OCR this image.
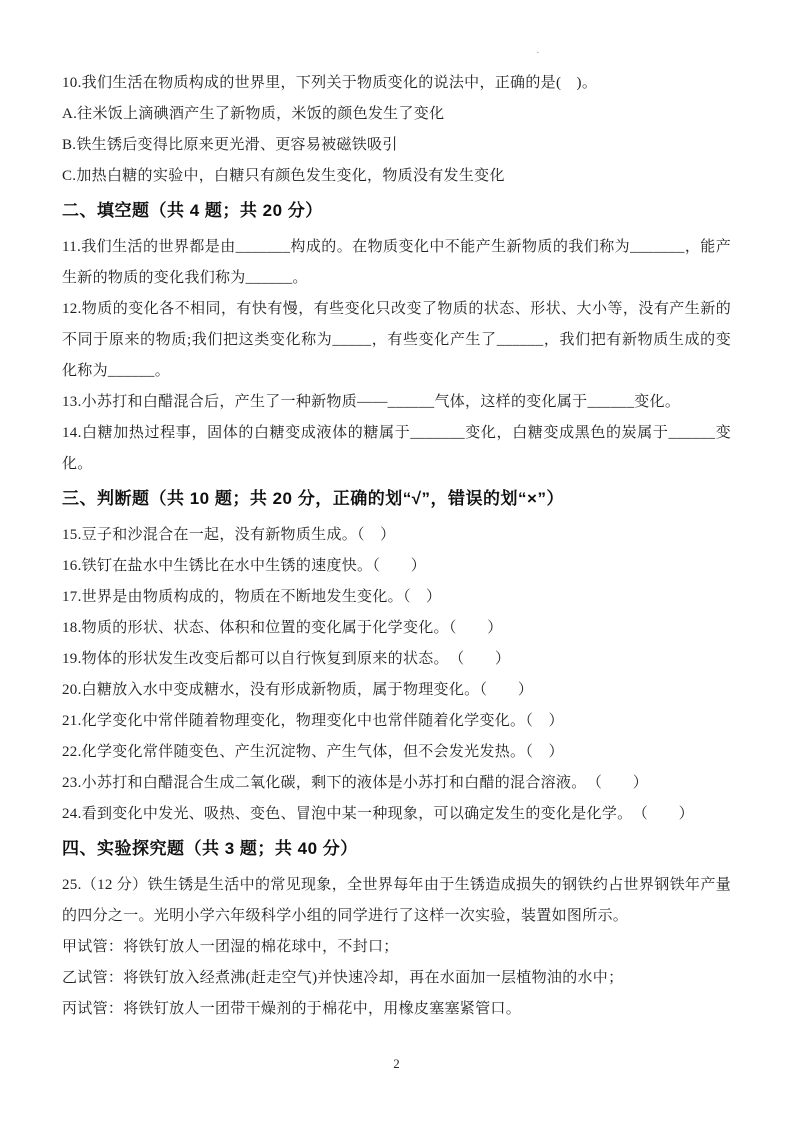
·

10.我们生活在物质构成的世界里，下列关于物质变化的说法中，正确的是(　)。

A.往米饭上滴碘酒产生了新物质，米饭的颜色发生了变化

B.铁生锈后变得比原来更光滑、更容易被磁铁吸引

C.加热白糖的实验中，白糖只有颜色发生变化，物质没有发生变化

二、填空题（共 4 题；共 20 分）

11.我们生活的世界都是由_______构成的。在物质变化中不能产生新物质的我们称为_______，能产生新的物质的变化我们称为______。

12.物质的变化各不相同，有快有慢，有些变化只改变了物质的状态、形状、大小等，没有产生新的不同于原来的物质;我们把这类变化称为_____，有些变化产生了______，我们把有新物质生成的变化称为______。

13.小苏打和白醋混合后，产生了一种新物质——______气体，这样的变化属于______变化。

14.白糖加热过程事，固体的白糖变成液体的糖属于_______变化，白糖变成黑色的炭属于______变化。

三、判断题（共 10 题；共 20 分，正确的划“√”，错误的划“×”）

15.豆子和沙混合在一起，没有新物质生成。（　）

16.铁钉在盐水中生锈比在水中生锈的速度快。（　　）

17.世界是由物质构成的，物质在不断地发生变化。（　）

18.物质的形状、状态、体积和位置的变化属于化学变化。（　　）

19.物体的形状发生改变后都可以自行恢复到原来的状态。　（　　）

20.白糖放入水中变成糖水，没有形成新物质，属于物理变化。（　　）

21.化学变化中常伴随着物理变化，物理变化中也常伴随着化学变化。（　）

22.化学变化常伴随变色、产生沉淀物、产生气体，但不会发光发热。（　）

23.小苏打和白醋混合生成二氧化碳，剩下的液体是小苏打和白醋的混合溶液。　（　　）

24.看到变化中发光、吸热、变色、冒泡中某一种现象，可以确定发生的变化是化学。　（　　）

四、实验探究题（共 3 题；共 40 分）

25.（12 分）铁生锈是生活中的常见现象，全世界每年由于生锈造成损失的钢铁约占世界钢铁年产量的四分之一。光明小学六年级科学小组的同学进行了这样一次实验，装置如图所示。

甲试管：将铁钉放人一团湿的棉花球中，不封口；

乙试管：将铁钉放入经煮沸(赶走空气)并快速冷却，再在水面加一层植物油的水中；

丙试管：将铁钉放人一团带干燥剂的于棉花中，用橡皮塞塞紧管口。

2
